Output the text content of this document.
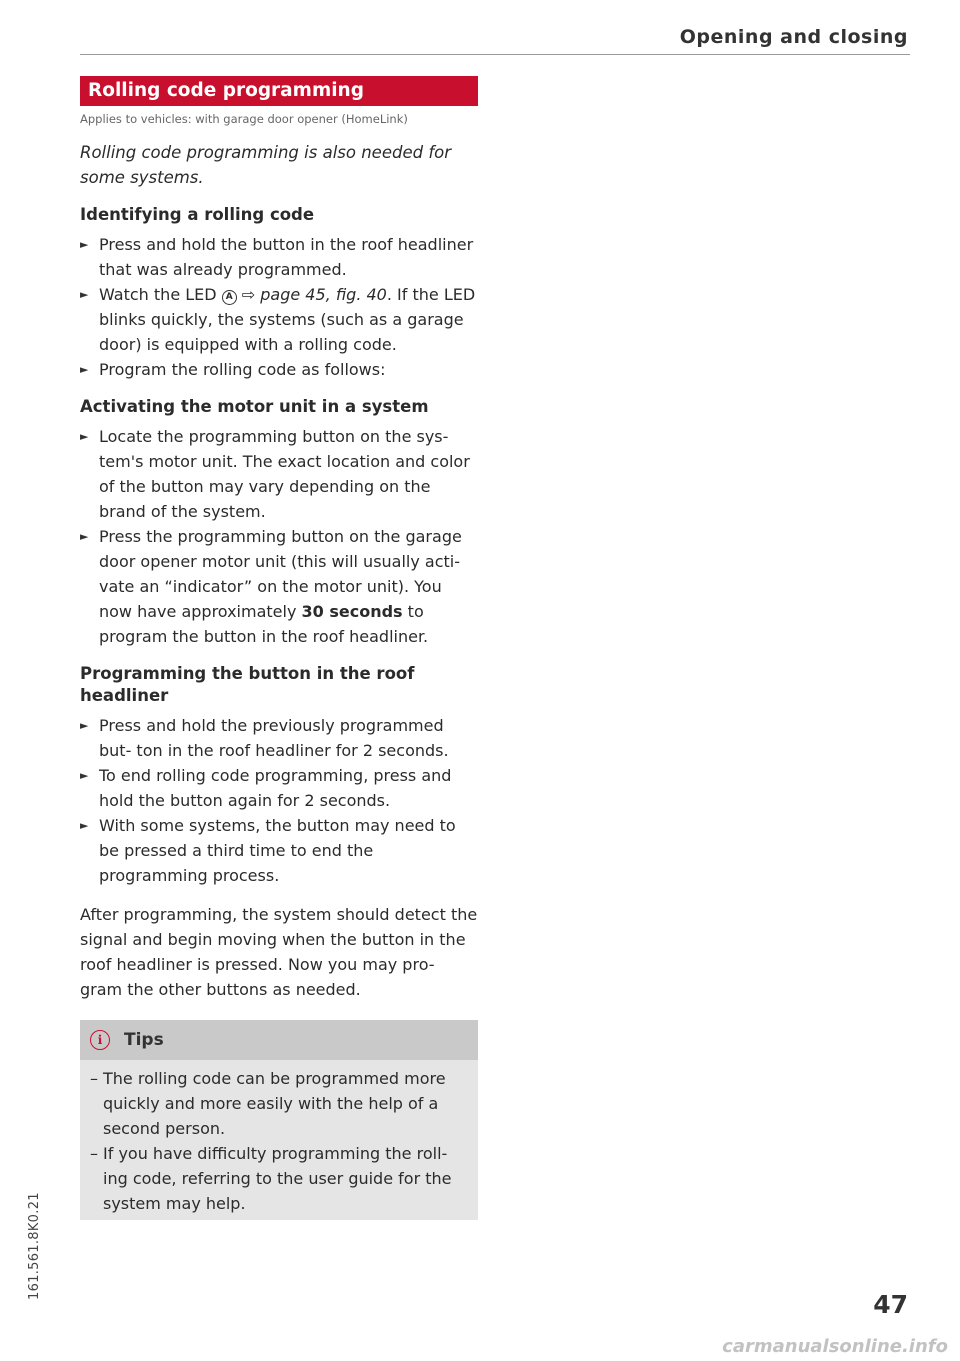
Opening and closing
Rolling code programming

Applies to vehicles: with garage door opener (HomeLink)

Rolling code programming is also needed for some systems.

Identifying a rolling code

► Press and hold the button in the roof headliner that was already programmed.

► Watch the LED A ⇨ page 45, fig. 40. If the LED blinks quickly, the systems (such as a garage door) is equipped with a rolling code.

► Program the rolling code as follows:

Activating the motor unit in a system

► Locate the programming button on the sys- tem's motor unit. The exact location and color of the button may vary depending on the brand of the system.

► Press the programming button on the garage door opener motor unit (this will usually acti- vate an “indicator” on the motor unit). You now have approximately 30 seconds to program the button in the roof headliner.

Programming the button in the roof headliner

► Press and hold the previously programmed but- ton in the roof headliner for 2 seconds.

► To end rolling code programming, press and hold the button again for 2 seconds.

► With some systems, the button may need to be pressed a third time to end the programming process.

After programming, the system should detect the signal and begin moving when the button in the roof headliner is pressed. Now you may pro- gram the other buttons as needed.

i	Tips
– The rolling code can be programmed more quickly and more easily with the help of a second person.
– If you have difficulty programming the roll- ing code, referring to the user guide for the system may help.
161.561.8K0.21
47
carmanualsonline.info
